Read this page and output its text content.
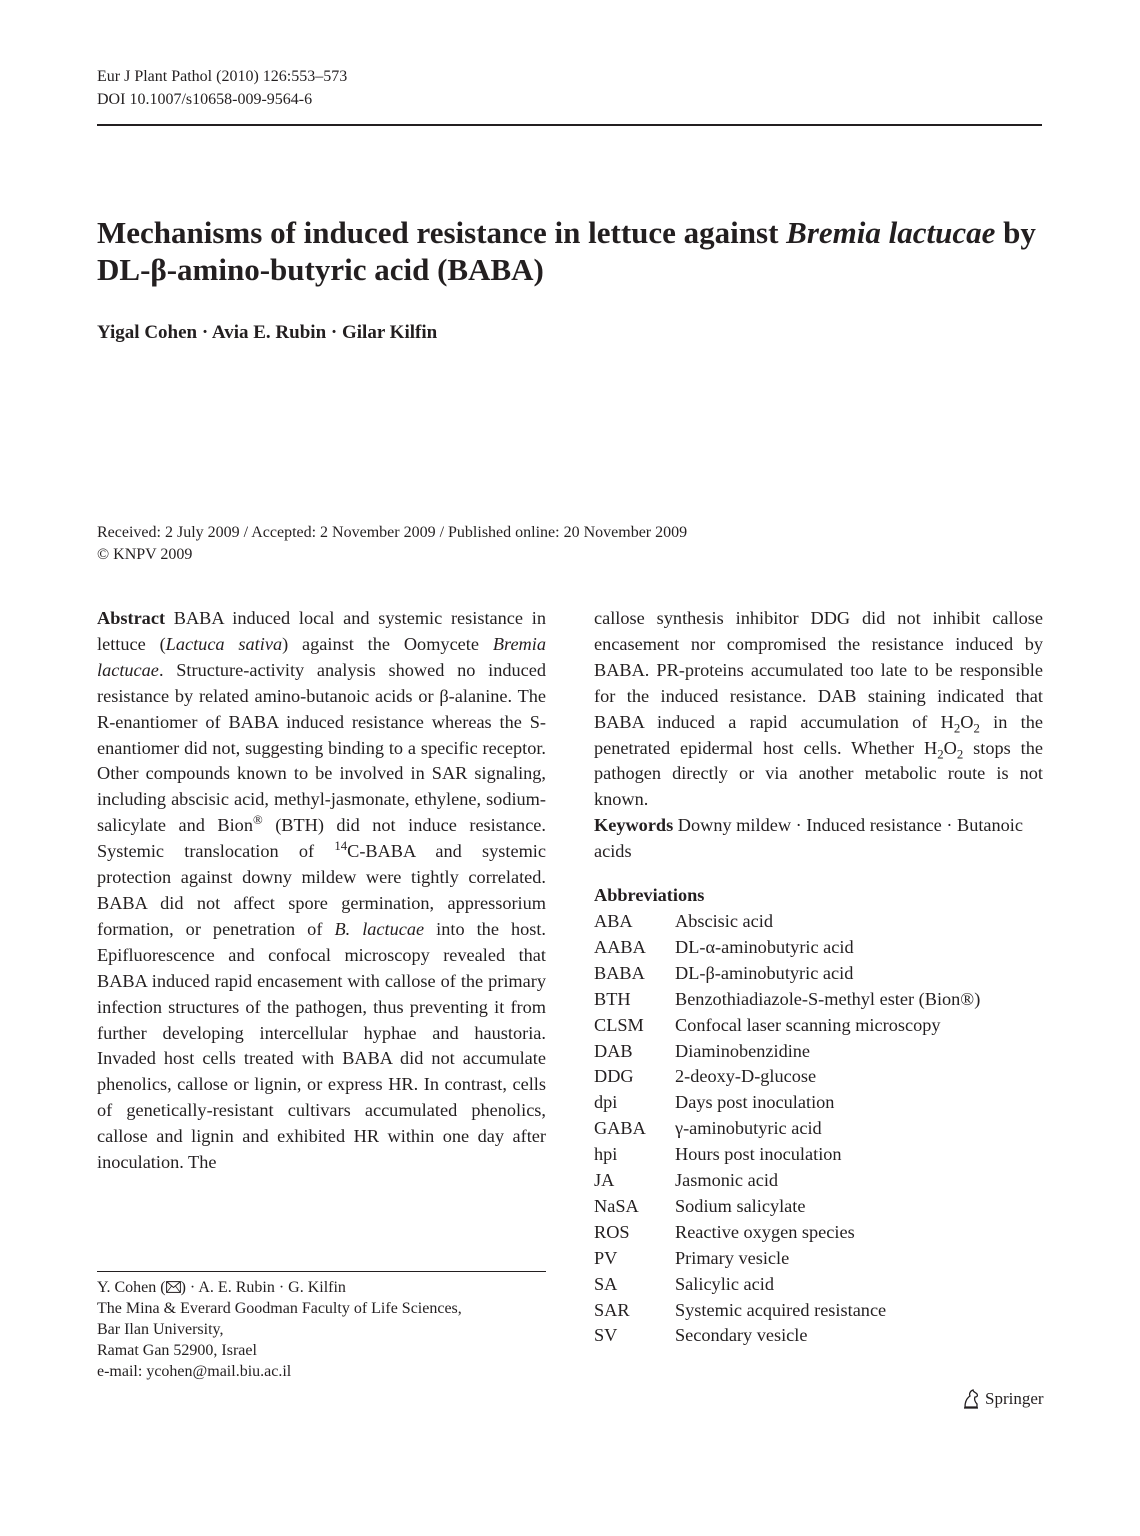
Eur J Plant Pathol (2010) 126:553–573
DOI 10.1007/s10658-009-9564-6
Mechanisms of induced resistance in lettuce against Bremia lactucae by DL-β-amino-butyric acid (BABA)
Yigal Cohen · Avia E. Rubin · Gilar Kilfin
Received: 2 July 2009 / Accepted: 2 November 2009 / Published online: 20 November 2009
© KNPV 2009

Abstract BABA induced local and systemic resistance in lettuce (Lactuca sativa) against the Oomycete Bremia lactucae. Structure-activity analysis showed no induced resistance by related amino-butanoic acids or β-alanine. The R-enantiomer of BABA induced resistance whereas the S-enantiomer did not, suggesting binding to a specific receptor. Other compounds known to be involved in SAR signaling, including abscisic acid, methyl-jasmonate, ethylene, sodium-salicylate and Bion® (BTH) did not induce resistance. Systemic translocation of $^{14}$C-BABA and systemic protection against downy mildew were tightly correlated. BABA did not affect spore germination, appressorium formation, or penetration of B. lactucae into the host. Epifluorescence and confocal microscopy revealed that BABA induced rapid encasement with callose of the primary infection structures of the pathogen, thus preventing it from further developing intercellular hyphae and haustoria. Invaded host cells treated with BABA did not accumulate phenolics, callose or lignin, or express HR. In contrast, cells of genetically-resistant cultivars accumulated phenolics, callose and lignin and exhibited HR within one day after inoculation. The

callose synthesis inhibitor DDG did not inhibit callose encasement nor compromised the resistance induced by BABA. PR-proteins accumulated too late to be responsible for the induced resistance. DAB staining indicated that BABA induced a rapid accumulation of $H_2O_2$ in the penetrated epidermal host cells. Whether $H_2O_2$ stops the pathogen directly or via another metabolic route is not known.

Keywords Downy mildew · Induced resistance · Butanoic acids

Abbreviations
ABA	Abscisic acid
AABA	DL-α-aminobutyric acid
BABA	DL-β-aminobutyric acid
BTH	Benzothiadiazole-S-methyl ester (Bion®)
CLSM	Confocal laser scanning microscopy
DAB	Diaminobenzidine
DDG	2-deoxy-D-glucose
dpi	Days post inoculation
GABA	γ-aminobutyric acid
hpi	Hours post inoculation
JA	Jasmonic acid
NaSA	Sodium salicylate
ROS	Reactive oxygen species
PV	Primary vesicle
SA	Salicylic acid
SAR	Systemic acquired resistance
SV	Secondary vesicle
Y. Cohen ( ) · A. E. Rubin · G. Kilfin
The Mina & Everard Goodman Faculty of Life Sciences,
Bar Ilan University,
Ramat Gan 52900, Israel
e-mail: ycohen@mail.biu.ac.il
Springer
